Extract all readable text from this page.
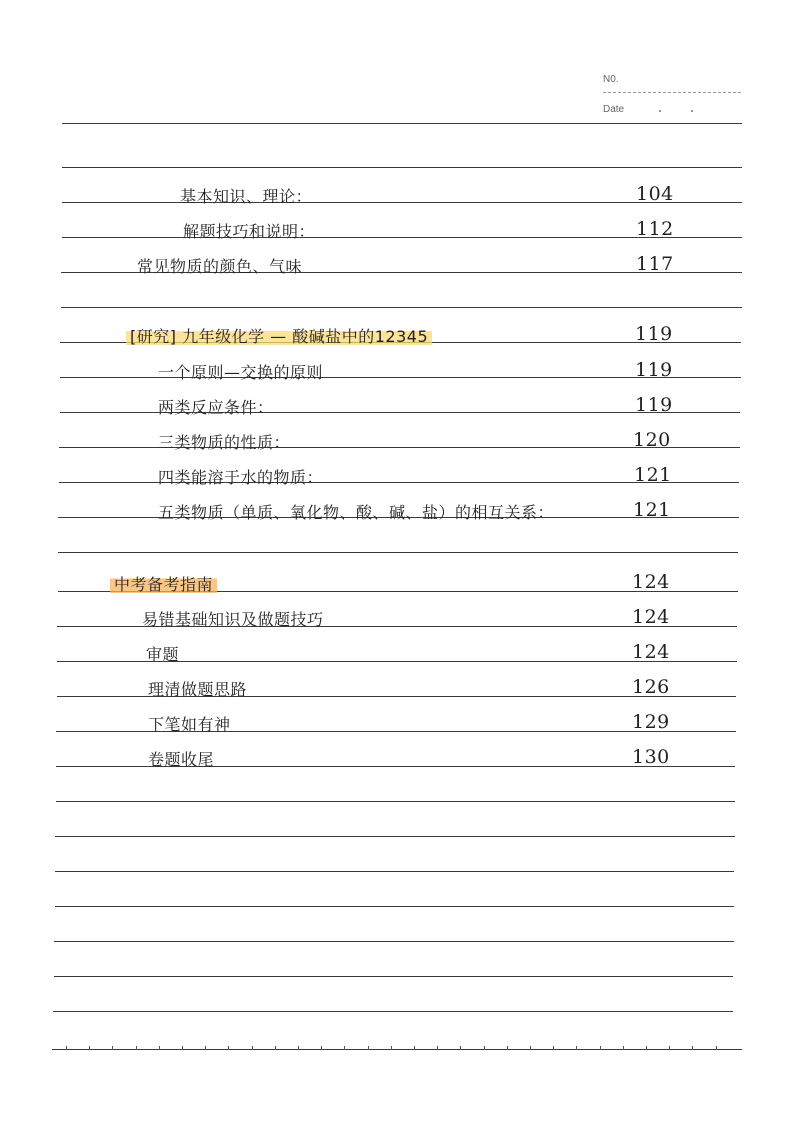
N0.
Date
基本知识、理论：	104
解题技巧和说明：	112
常见物质的颜色、气味	117
[研究] 九年级化学 — 酸碱盐中的12345	119
一个原则—交换的原则	119
两类反应条件：	119
三类物质的性质：	120
四类能溶于水的物质：	121
五类物质（单质、氧化物、酸、碱、盐）的相互关系：	121
中考备考指南	124
易错基础知识及做题技巧	124
审题	124
理清做题思路	126
下笔如有神	129
卷题收尾	130
